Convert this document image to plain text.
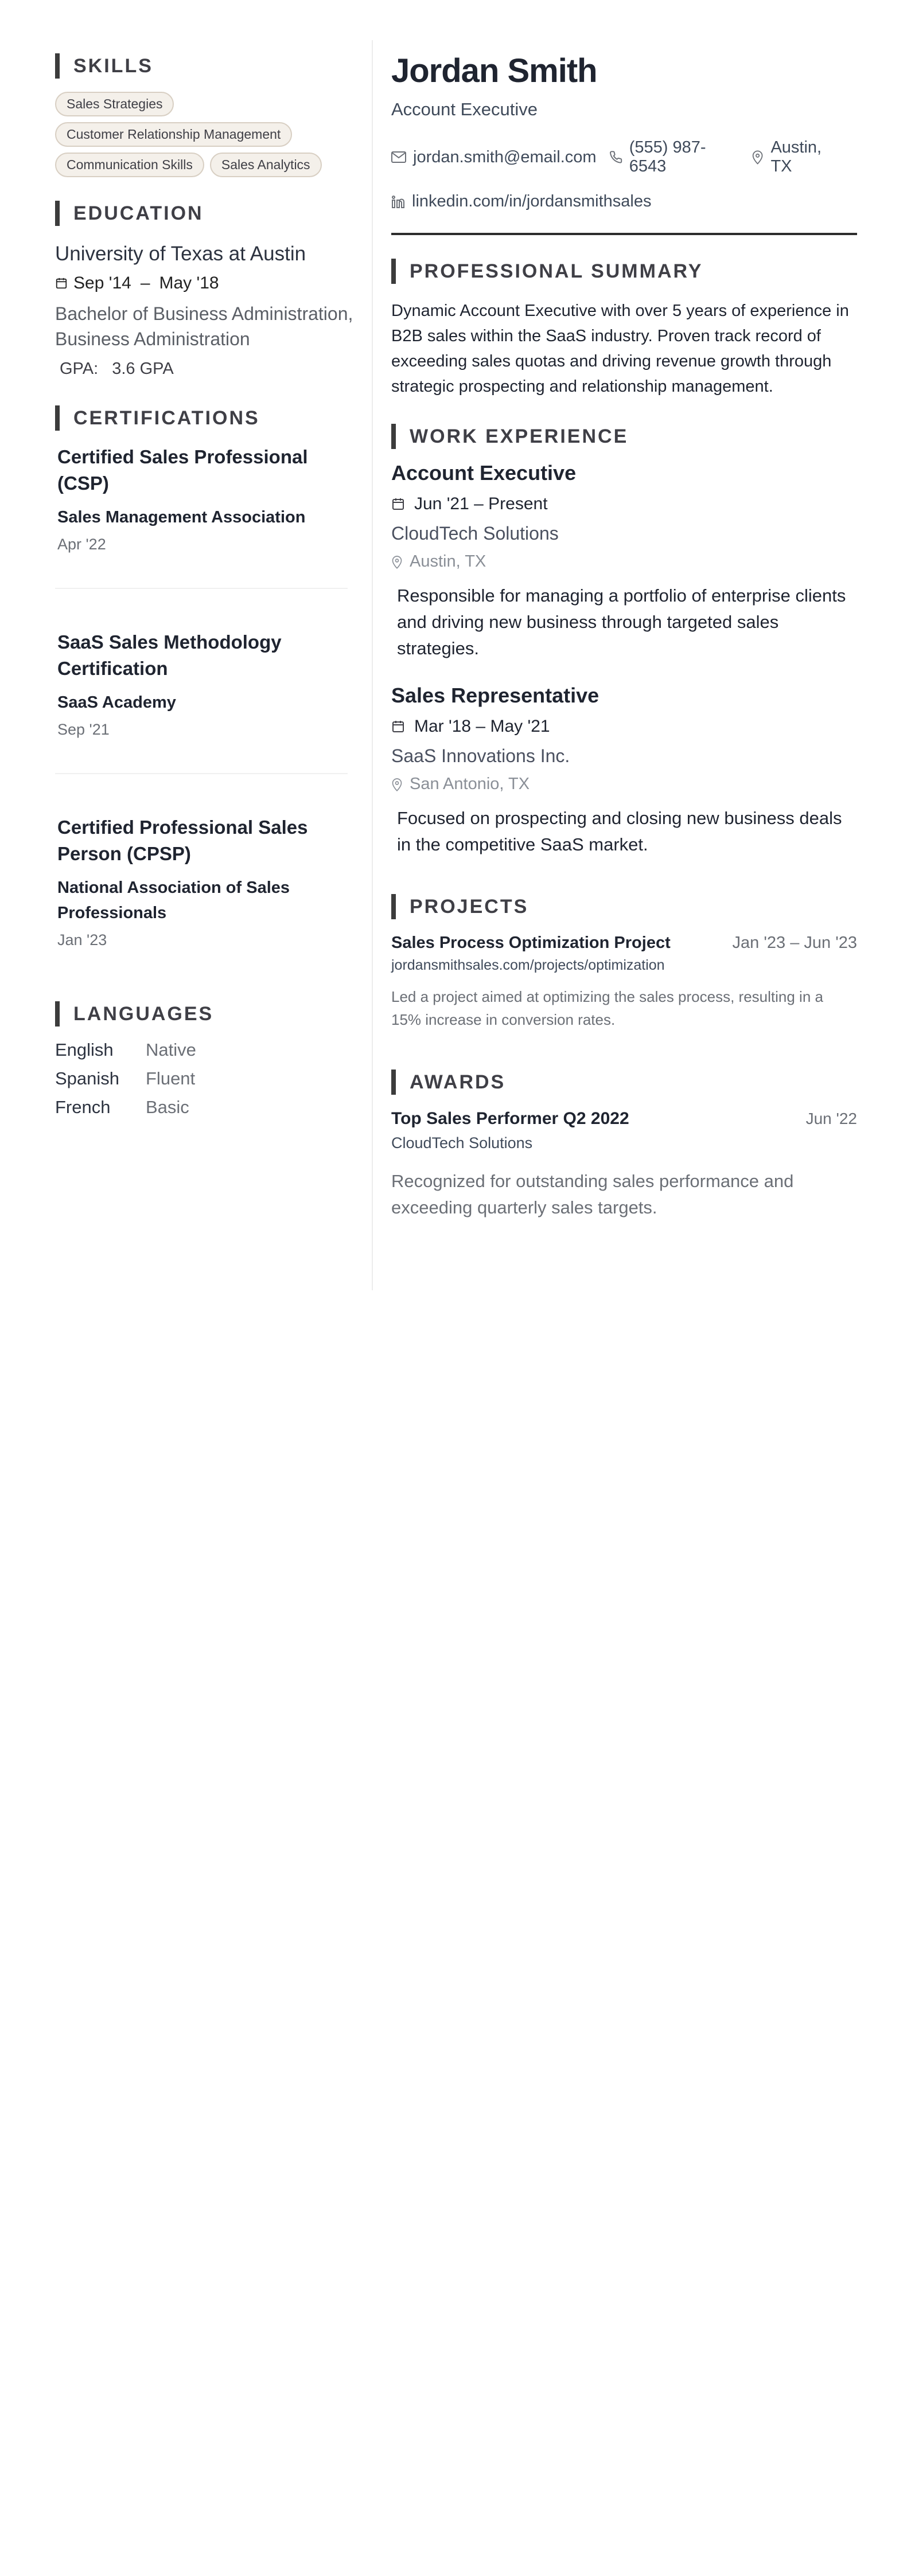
SKILLS
Sales Strategies
Customer Relationship Management
Communication Skills	Sales Analytics
EDUCATION
University of Texas at Austin
Sep '14 – May '18
Bachelor of Business Administration, Business Administration
GPA: 3.6 GPA
CERTIFICATIONS
Certified Sales Professional (CSP)
Sales Management Association
Apr '22
SaaS Sales Methodology Certification
SaaS Academy
Sep '21
Certified Professional Sales Person (CPSP)
National Association of Sales Professionals
Jan '23
LANGUAGES
English	Native
Spanish	Fluent
French	Basic
Jordan Smith
Account Executive
jordan.smith@email.com
(555) 987-6543
Austin, TX
linkedin.com/in/jordansmithsales
PROFESSIONAL SUMMARY
Dynamic Account Executive with over 5 years of experience in B2B sales within the SaaS industry. Proven track record of exceeding sales quotas and driving revenue growth through strategic prospecting and relationship management.
WORK EXPERIENCE
Account Executive
Jun '21 – Present
CloudTech Solutions
Austin, TX
Responsible for managing a portfolio of enterprise clients and driving new business through targeted sales strategies.
Sales Representative
Mar '18 – May '21
SaaS Innovations Inc.
San Antonio, TX
Focused on prospecting and closing new business deals in the competitive SaaS market.
PROJECTS
Sales Process Optimization Project	Jan '23 – Jun '23
jordansmithsales.com/projects/optimization
Led a project aimed at optimizing the sales process, resulting in a 15% increase in conversion rates.
AWARDS
Top Sales Performer Q2 2022	Jun '22
CloudTech Solutions
Recognized for outstanding sales performance and exceeding quarterly sales targets.
